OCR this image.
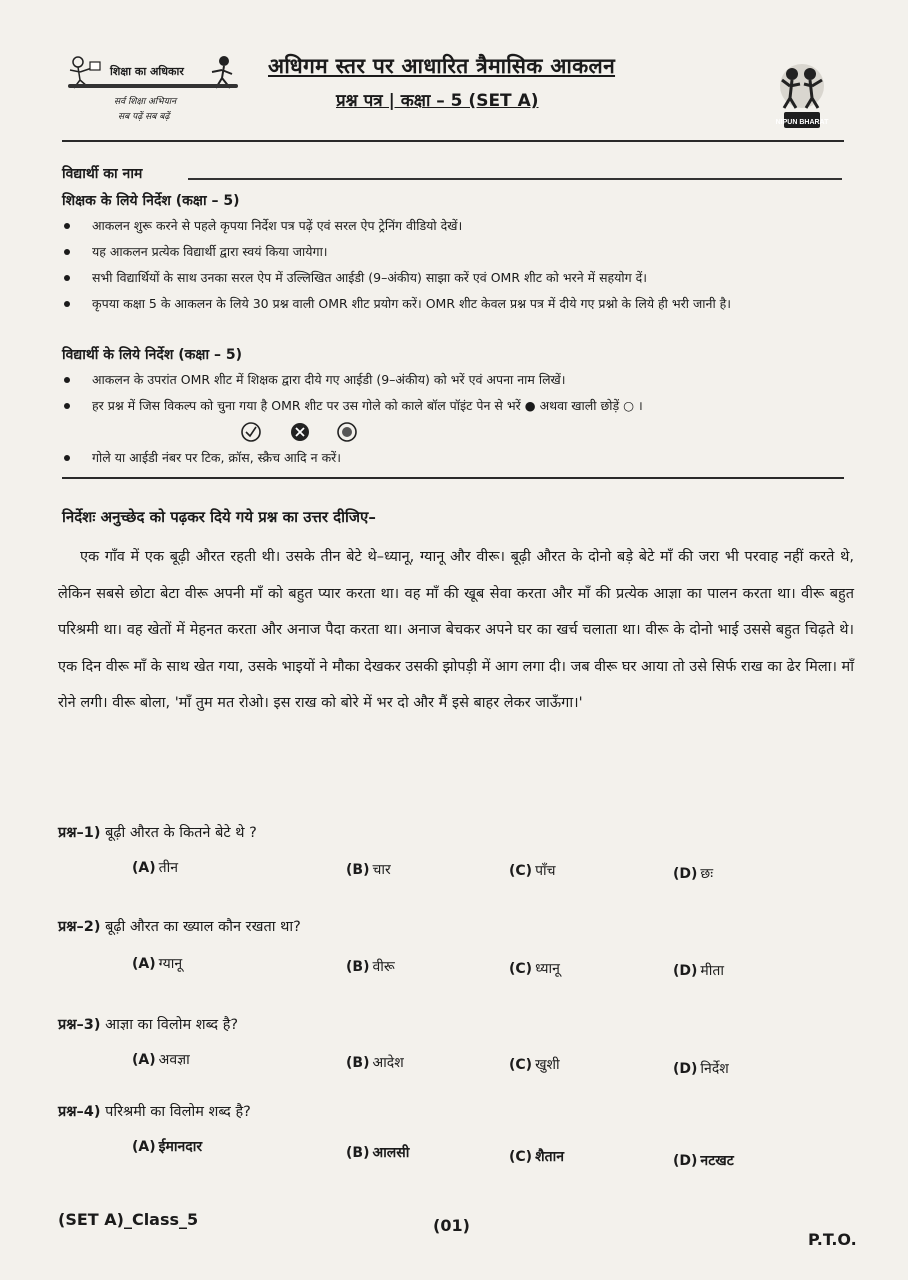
शिक्षा का अधिकार
सर्व शिक्षा अभियान
सब पढ़ें सब बढ़ें
अधिगम स्तर पर आधारित त्रैमासिक आकलन
प्रश्न पत्र | कक्षा – 5 (SET A)
NIPUN BHARAT
विद्यार्थी का नाम
शिक्षक के लिये निर्देश (कक्षा – 5)
आकलन शुरू करने से पहले कृपया निर्देश पत्र पढ़ें एवं सरल ऐप ट्रेनिंग वीडियो देखें।
यह आकलन प्रत्येक विद्यार्थी द्वारा स्वयं किया जायेगा।
सभी विद्यार्थियों के साथ उनका सरल ऐप में उल्लिखित आईडी (9–अंकीय) साझा करें एवं OMR शीट को भरने में सहयोग दें।
कृपया कक्षा 5 के आकलन के लिये 30 प्रश्न वाली OMR शीट प्रयोग करें। OMR शीट केवल प्रश्न पत्र में दीये गए प्रश्नो के लिये ही भरी जानी है।
विद्यार्थी के लिये निर्देश (कक्षा – 5)
आकलन के उपरांत OMR शीट में शिक्षक द्वारा दीये गए आईडी (9–अंकीय) को भरें एवं अपना नाम लिखें।
हर प्रश्न में जिस विकल्प को चुना गया है OMR शीट पर उस गोले को काले बॉल पॉइंट पेन से भरें ● अथवा खाली छोड़ें ○ ।
गोले या आईडी नंबर पर टिक, क्रॉस, स्क्रैच आदि न करें।
निर्देशः अनुच्छेद को पढ़कर दिये गये प्रश्न का उत्तर दीजिए–
एक गाँव में एक बूढ़ी औरत रहती थी। उसके तीन बेटे थे–ध्यानू, ग्यानू और वीरू। बूढ़ी औरत के दोनो बड़े बेटे माँ की जरा भी परवाह नहीं करते थे, लेकिन सबसे छोटा बेटा वीरू अपनी माँ को बहुत प्यार करता था। वह माँ की खूब सेवा करता और माँ की प्रत्येक आज्ञा का पालन करता था। वीरू बहुत परिश्रमी था। वह खेतों में मेहनत करता और अनाज पैदा करता था। अनाज बेचकर अपने घर का खर्च चलाता था। वीरू के दोनो भाई उससे बहुत चिढ़ते थे। एक दिन वीरू माँ के साथ खेत गया, उसके भाइयों ने मौका देखकर उसकी झोपड़ी में आग लगा दी। जब वीरू घर आया तो उसे सिर्फ राख का ढेर मिला। माँ रोने लगी। वीरू बोला, 'माँ तुम मत रोओ। इस राख को बोरे में भर दो और मैं इसे बाहर लेकर जाऊँगा।'
प्रश्न–1) बूढ़ी औरत के कितने बेटे थे ?
(A) तीन	(B) चार	(C) पाँच	(D) छः
प्रश्न–2) बूढ़ी औरत का ख्याल कौन रखता था?
(A) ग्यानू	(B) वीरू	(C) ध्यानू	(D) मीता
प्रश्न–3) आज्ञा का विलोम शब्द है?
(A) अवज्ञा	(B) आदेश	(C) खुशी	(D) निर्देश
प्रश्न–4) परिश्रमी का विलोम शब्द है?
(A) ईमानदार	(B) आलसी	(C) शैतान	(D) नटखट
(SET A)_Class_5	(01)
P.T.O.
